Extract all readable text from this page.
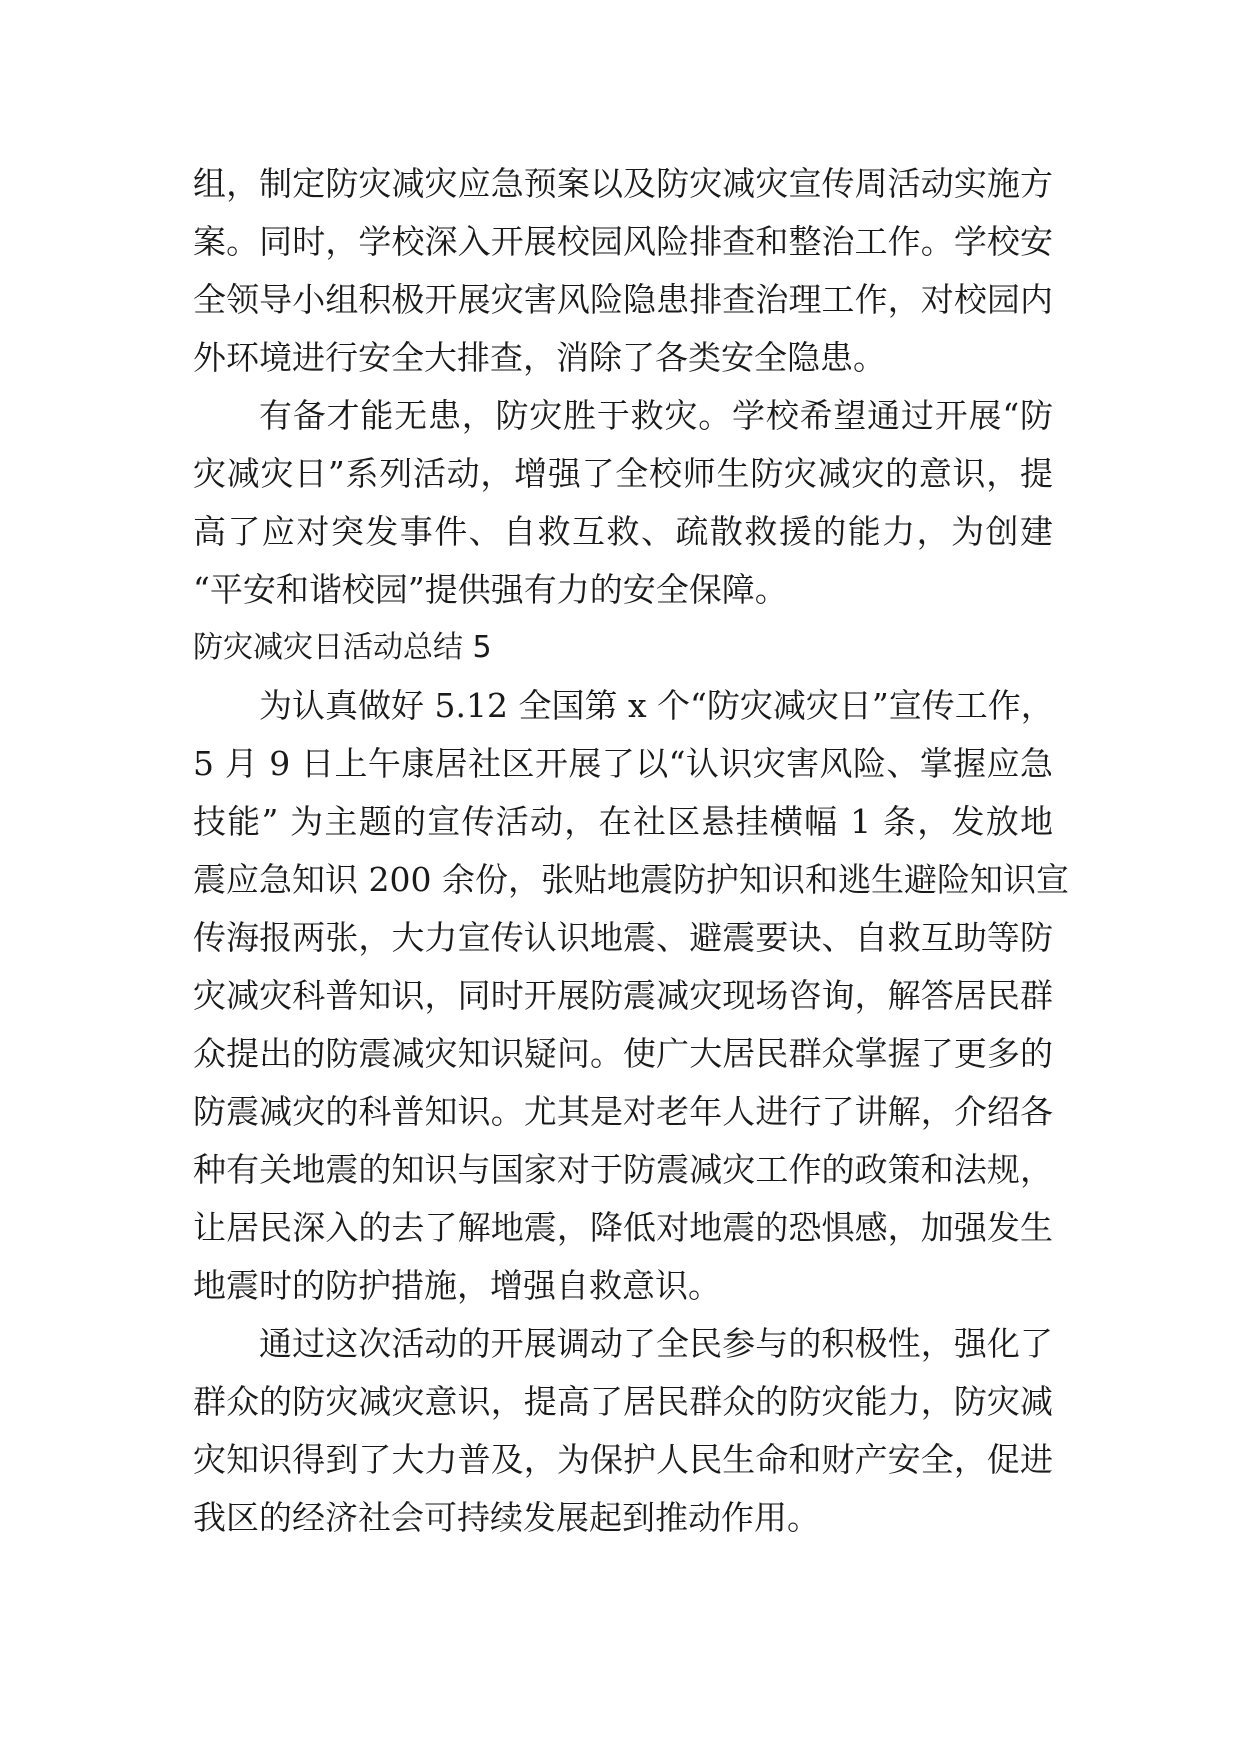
组，制定防灾减灾应急预案以及防灾减灾宣传周活动实施方
案。同时，学校深入开展校园风险排查和整治工作。学校安
全领导小组积极开展灾害风险隐患排查治理工作，对校园内
外环境进行安全大排查，消除了各类安全隐患。
有备才能无患，防灾胜于救灾。学校希望通过开展“防
灾减灾日”系列活动，增强了全校师生防灾减灾的意识，提
高了应对突发事件、自救互救、疏散救援的能力，为创建
“平安和谐校园”提供强有力的安全保障。
防灾减灾日活动总结 5
为认真做好 5.12 全国第 x 个“防灾减灾日”宣传工作，
5 月 9 日上午康居社区开展了以“认识灾害风险、掌握应急
技能” 为主题的宣传活动，在社区悬挂横幅 1 条，发放地
震应急知识 200 余份，张贴地震防护知识和逃生避险知识宣
传海报两张，大力宣传认识地震、避震要诀、自救互助等防
灾减灾科普知识，同时开展防震减灾现场咨询，解答居民群
众提出的防震减灾知识疑问。使广大居民群众掌握了更多的
防震减灾的科普知识。尤其是对老年人进行了讲解，介绍各
种有关地震的知识与国家对于防震减灾工作的政策和法规，
让居民深入的去了解地震，降低对地震的恐惧感，加强发生
地震时的防护措施，增强自救意识。
通过这次活动的开展调动了全民参与的积极性，强化了
群众的防灾减灾意识，提高了居民群众的防灾能力，防灾减
灾知识得到了大力普及，为保护人民生命和财产安全，促进
我区的经济社会可持续发展起到推动作用。
